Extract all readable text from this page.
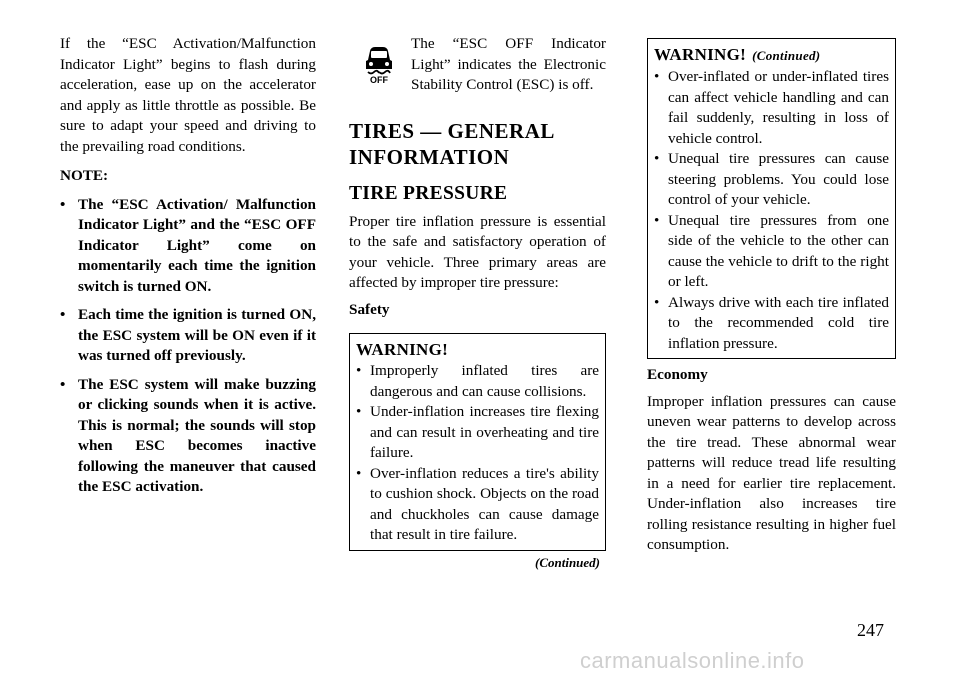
If the “ESC Activation/Malfunction Indicator Light” begins to flash during acceleration, ease up on the accelerator and apply as little throttle as possible. Be sure to adapt your speed and driving to the prevailing road conditions.

NOTE:

• The “ESC Activation/ Malfunction Indicator Light” and the “ESC OFF Indicator Light” come on momentarily each time the ignition switch is turned ON.
• Each time the ignition is turned ON, the ESC system will be ON even if it was turned off previously.
• The ESC system will make buzzing or clicking sounds when it is active. This is normal; the sounds will stop when ESC becomes inactive following the maneuver that caused the ESC activation.
OFF

The “ESC OFF Indicator Light” indicates the Electronic Stability Control (ESC) is off.

TIRES — GENERAL INFORMATION
TIRE PRESSURE

Proper tire inflation pressure is essential to the safe and satisfactory operation of your vehicle. Three primary areas are affected by improper tire pressure:

Safety

WARNING!
• Improperly inflated tires are dangerous and can cause collisions.
• Under-inflation increases tire flexing and can result in overheating and tire failure.
• Over-inflation reduces a tire's ability to cushion shock. Objects on the road and chuckholes can cause damage that result in tire failure.
(Continued)
WARNING! (Continued)
• Over-inflated or under-inflated tires can affect vehicle handling and can fail suddenly, resulting in loss of vehicle control.
• Unequal tire pressures can cause steering problems. You could lose control of your vehicle.
• Unequal tire pressures from one side of the vehicle to the other can cause the vehicle to drift to the right or left.
• Always drive with each tire inflated to the recommended cold tire inflation pressure.

Economy

Improper inflation pressures can cause uneven wear patterns to develop across the tire tread. These abnormal wear patterns will reduce tread life resulting in a need for earlier tire replacement. Under-inflation also increases tire rolling resistance resulting in higher fuel consumption.

247
carmanualsonline.info
